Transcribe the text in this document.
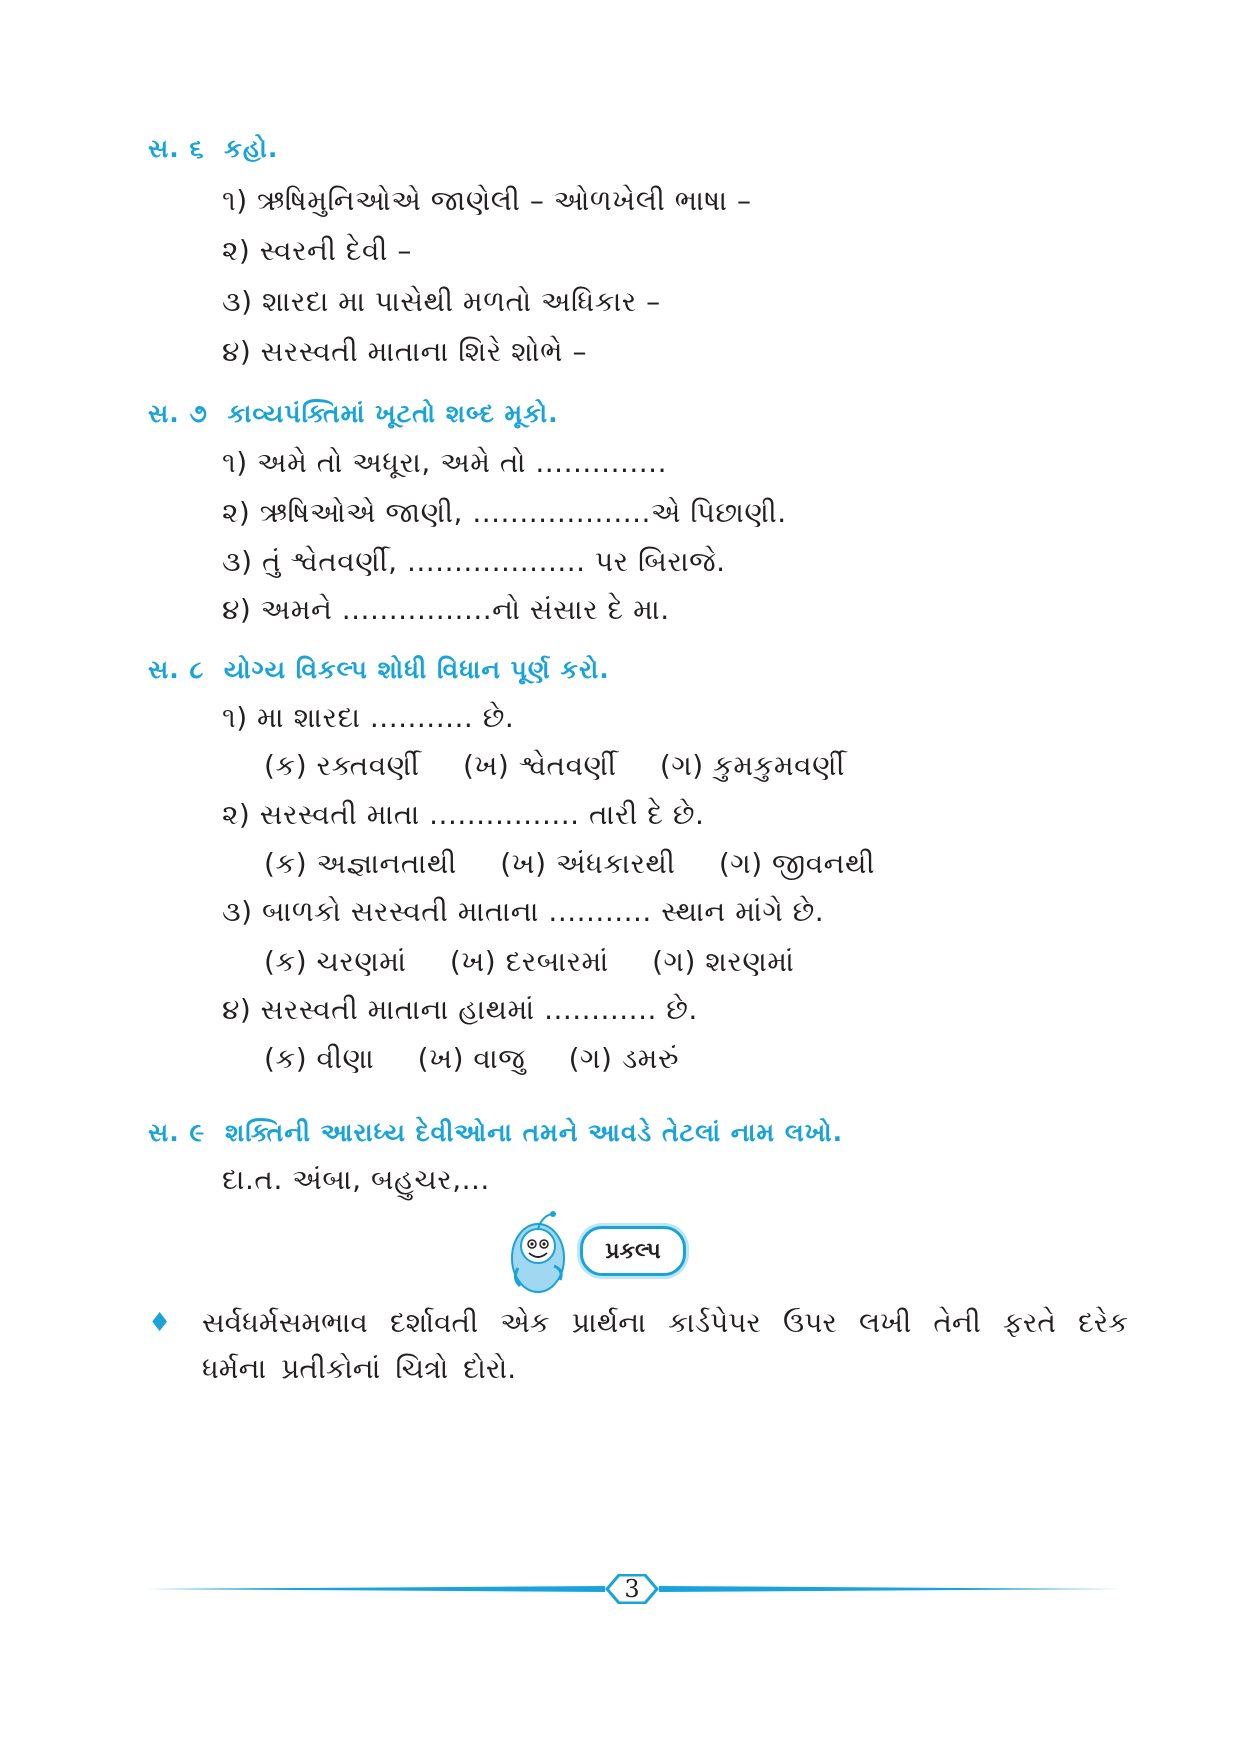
સ. ૬ કહો.
૧) ઋષિમુનિઓએ જાણેલી – ઓળખેલી ભાષા –
૨) સ્વરની દેવી –
૩) શારદા મા પાસેથી મળતો અધિકાર –
૪) સરસ્વતી માતાના શિરે શોભે –
સ. ૭ કાવ્યપંક્તિમાં ખૂટતો શબ્દ મૂકો.
૧) અમે તો અધૂરા, અમે તો ..............
૨) ઋષિઓએ જાણી, ...................એ પિછાણી.
૩) તું શ્વેતવર્ણી, ................... પર બિરાજે.
૪) અમને ................નો સંસાર દે મા.
સ. ૮ યોગ્ય વિકલ્પ શોધી વિધાન પૂર્ણ કરો.
૧) મા શારદા ........... છે.
(ક) રક્તવર્ણી (ખ) શ્વેતવર્ણી (ગ) કુમકુમવર્ણી
૨) સરસ્વતી માતા ................ તારી દે છે.
(ક) અજ્ઞાનતાથી (ખ) અંધકારથી (ગ) જીવનથી
૩) બાળકો સરસ્વતી માતાના ........... સ્થાન માંગે છે.
(ક) ચરણમાં (ખ) દરબારમાં (ગ) શરણમાં
૪) સરસ્વતી માતાના હાથમાં ............ છે.
(ક) વીણા (ખ) વાજુ (ગ) ડમરું
સ. ૯ શક્તિની આરાધ્ય દેવીઓના તમને આવડે તેટલાં નામ લખો.
દા.ત. અંબા, બહુચર,...
પ્રકલ્પ
♦ સર્વધર્મસમભાવ દર્શાવતી એક પ્રાર્થના કાર્ડપેપર ઉપર લખી તેની ફરતે દરેક ધર્મના પ્રતીકોનાં ચિત્રો દોરો.
3
